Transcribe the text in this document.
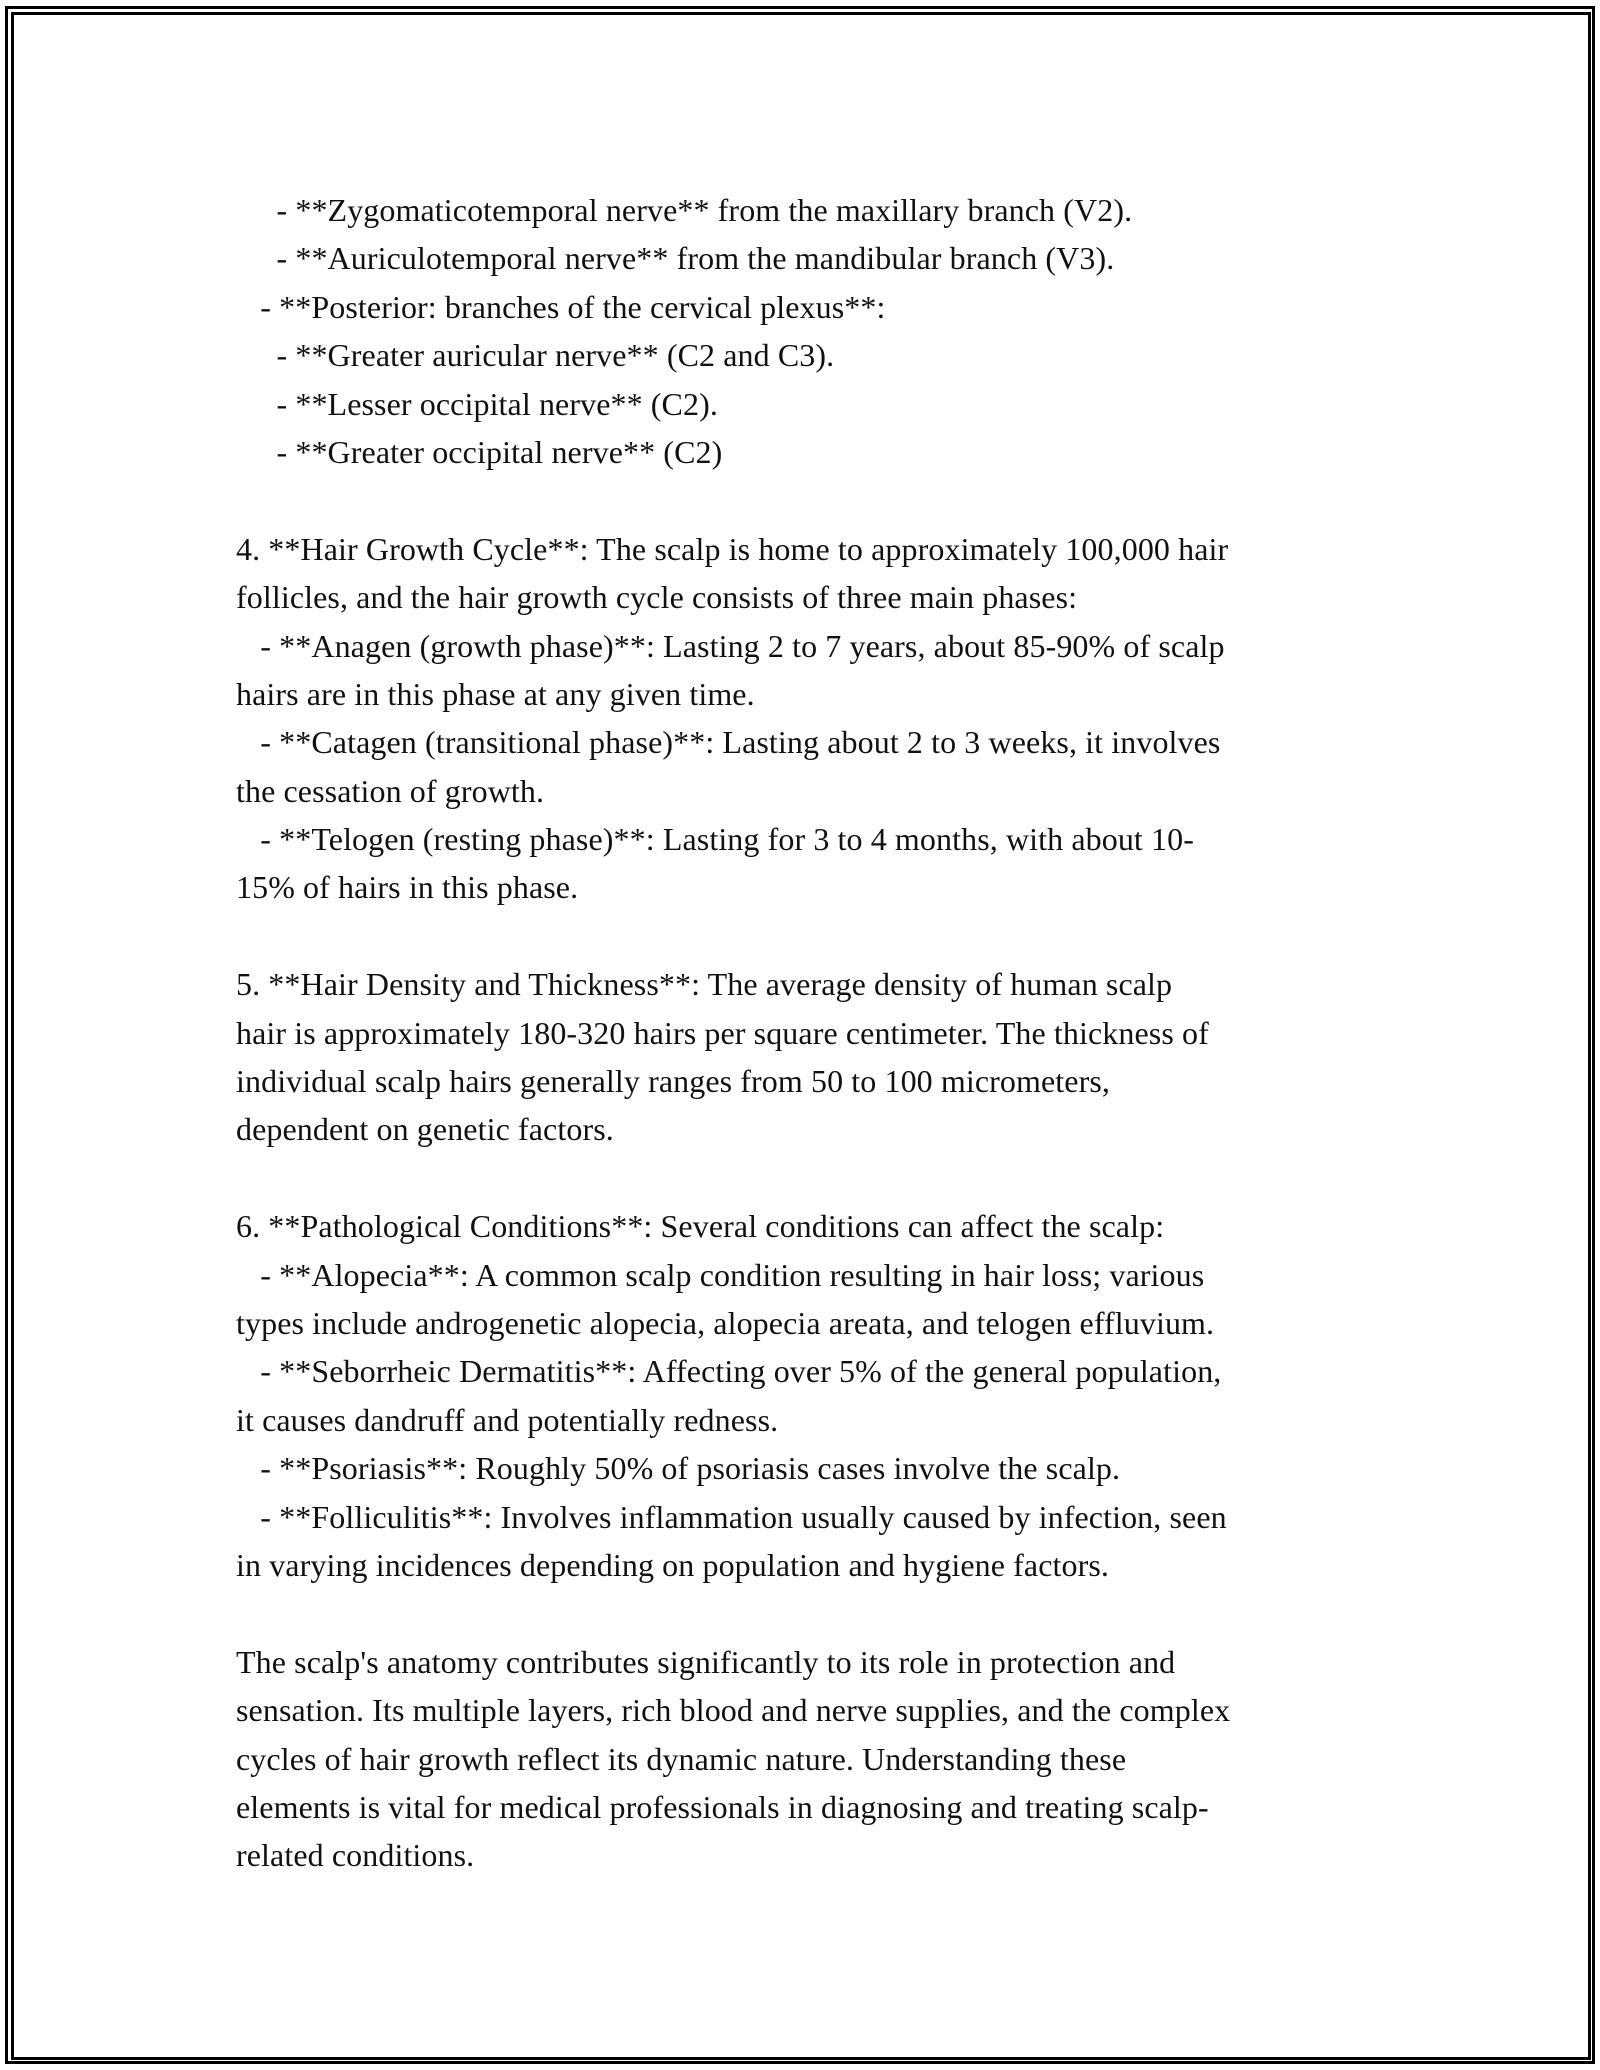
- **Zygomaticotemporal nerve** from the maxillary branch (V2).
- **Auriculotemporal nerve** from the mandibular branch (V3).
- **Posterior: branches of the cervical plexus**:
- **Greater auricular nerve** (C2 and C3).
- **Lesser occipital nerve** (C2).
- **Greater occipital nerve** (C2)
4. **Hair Growth Cycle**: The scalp is home to approximately 100,000 hair
follicles, and the hair growth cycle consists of three main phases:
- **Anagen (growth phase)**: Lasting 2 to 7 years, about 85-90% of scalp
hairs are in this phase at any given time.
- **Catagen (transitional phase)**: Lasting about 2 to 3 weeks, it involves
the cessation of growth.
- **Telogen (resting phase)**: Lasting for 3 to 4 months, with about 10-
15% of hairs in this phase.
5. **Hair Density and Thickness**: The average density of human scalp
hair is approximately 180-320 hairs per square centimeter. The thickness of
individual scalp hairs generally ranges from 50 to 100 micrometers,
dependent on genetic factors.
6. **Pathological Conditions**: Several conditions can affect the scalp:
- **Alopecia**: A common scalp condition resulting in hair loss; various
types include androgenetic alopecia, alopecia areata, and telogen effluvium.
- **Seborrheic Dermatitis**: Affecting over 5% of the general population,
it causes dandruff and potentially redness.
- **Psoriasis**: Roughly 50% of psoriasis cases involve the scalp.
- **Folliculitis**: Involves inflammation usually caused by infection, seen
in varying incidences depending on population and hygiene factors.
The scalp's anatomy contributes significantly to its role in protection and
sensation. Its multiple layers, rich blood and nerve supplies, and the complex
cycles of hair growth reflect its dynamic nature. Understanding these
elements is vital for medical professionals in diagnosing and treating scalp-
related conditions.
